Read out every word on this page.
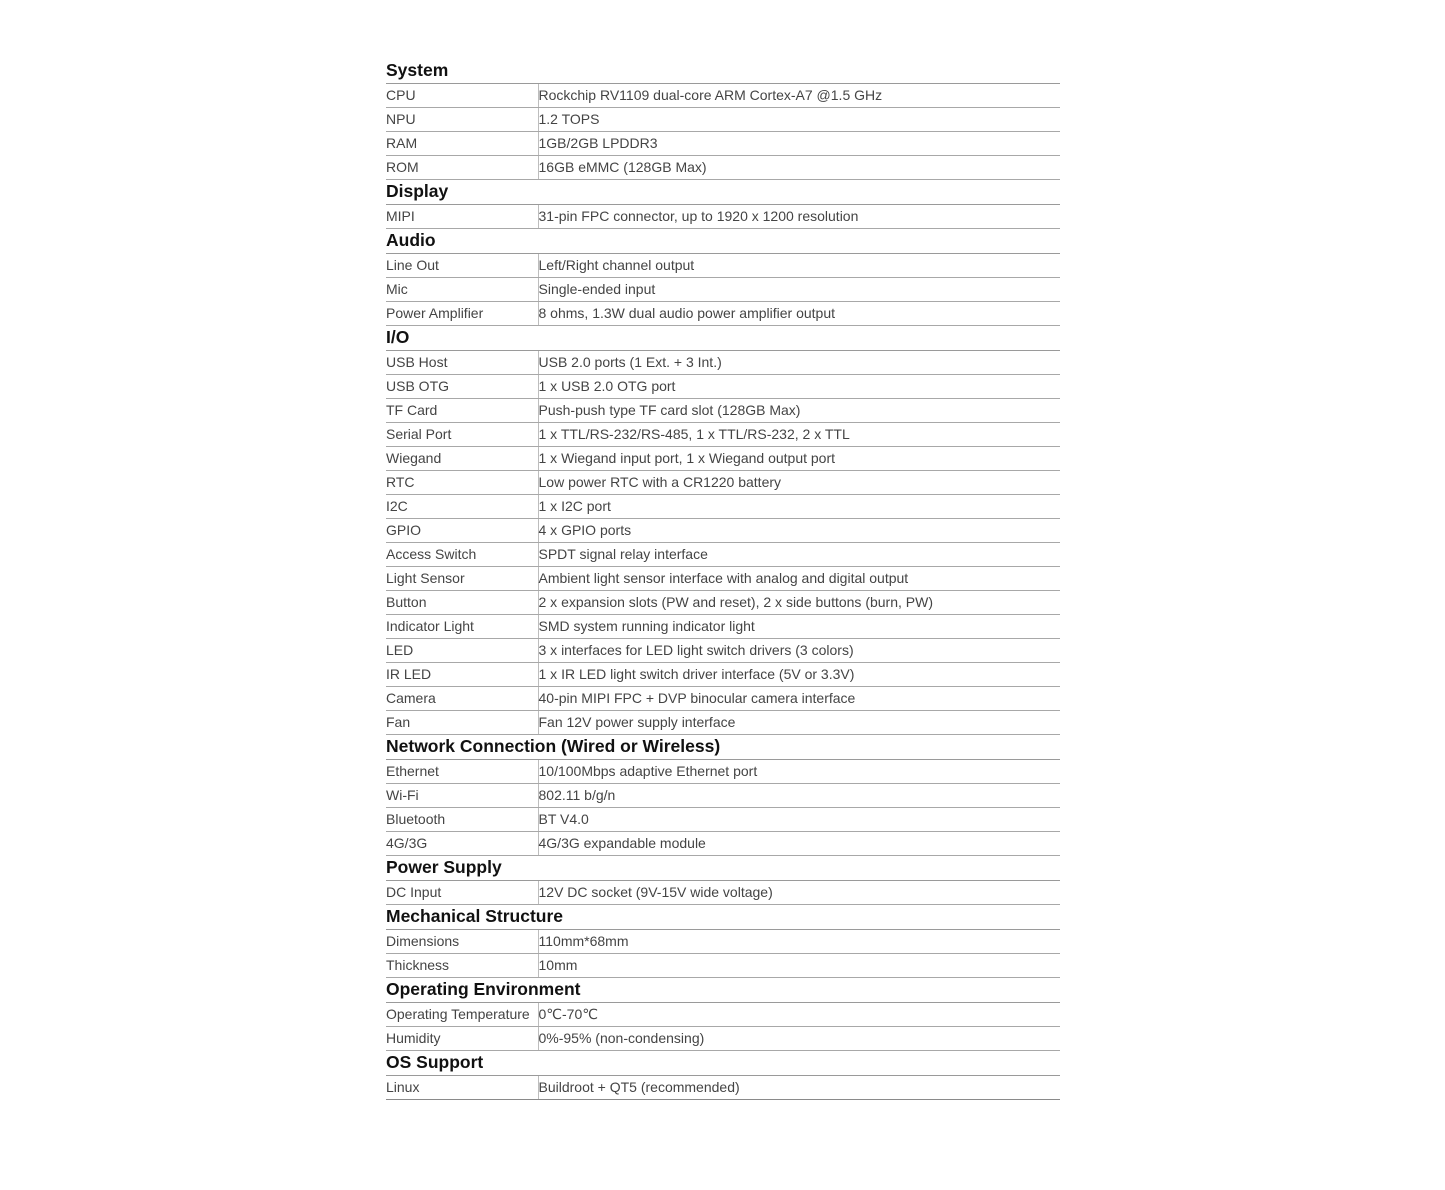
System	
CPU	Rockchip RV1109 dual-core ARM Cortex-A7 @1.5 GHz
NPU	1.2 TOPS
RAM	1GB/2GB LPDDR3
ROM	16GB eMMC (128GB Max)
Display	
MIPI	31-pin FPC connector, up to 1920 x 1200 resolution
Audio	
Line Out	Left/Right channel output
Mic	Single-ended input
Power Amplifier	8 ohms, 1.3W dual audio power amplifier output
I/O	
USB Host	USB 2.0 ports (1 Ext. + 3 Int.)
USB OTG	1 x USB 2.0 OTG port
TF Card	Push-push type TF card slot (128GB Max)
Serial Port	1 x TTL/RS-232/RS-485, 1 x TTL/RS-232, 2 x TTL
Wiegand	1 x Wiegand input port, 1 x Wiegand output port
RTC	Low power RTC with a CR1220 battery
I2C	1 x I2C port
GPIO	4 x GPIO ports
Access Switch	SPDT signal relay interface
Light Sensor	Ambient light sensor interface with analog and digital output
Button	2 x expansion slots (PW and reset), 2 x side buttons (burn, PW)
Indicator Light	SMD system running indicator light
LED	3 x interfaces for LED light switch drivers (3 colors)
IR LED	1 x IR LED light switch driver interface (5V or 3.3V)
Camera	40-pin MIPI FPC + DVP binocular camera interface
Fan	Fan 12V power supply interface
Network Connection (Wired or Wireless)	
Ethernet	10/100Mbps adaptive Ethernet port
Wi-Fi	802.11 b/g/n
Bluetooth	BT V4.0
4G/3G	4G/3G expandable module
Power Supply	
DC Input	12V DC socket (9V-15V wide voltage)
Mechanical Structure	
Dimensions	110mm*68mm
Thickness	10mm
Operating Environment	
Operating Temperature	0℃-70℃
Humidity	0%-95% (non-condensing)
OS Support	
Linux	Buildroot + QT5 (recommended)
